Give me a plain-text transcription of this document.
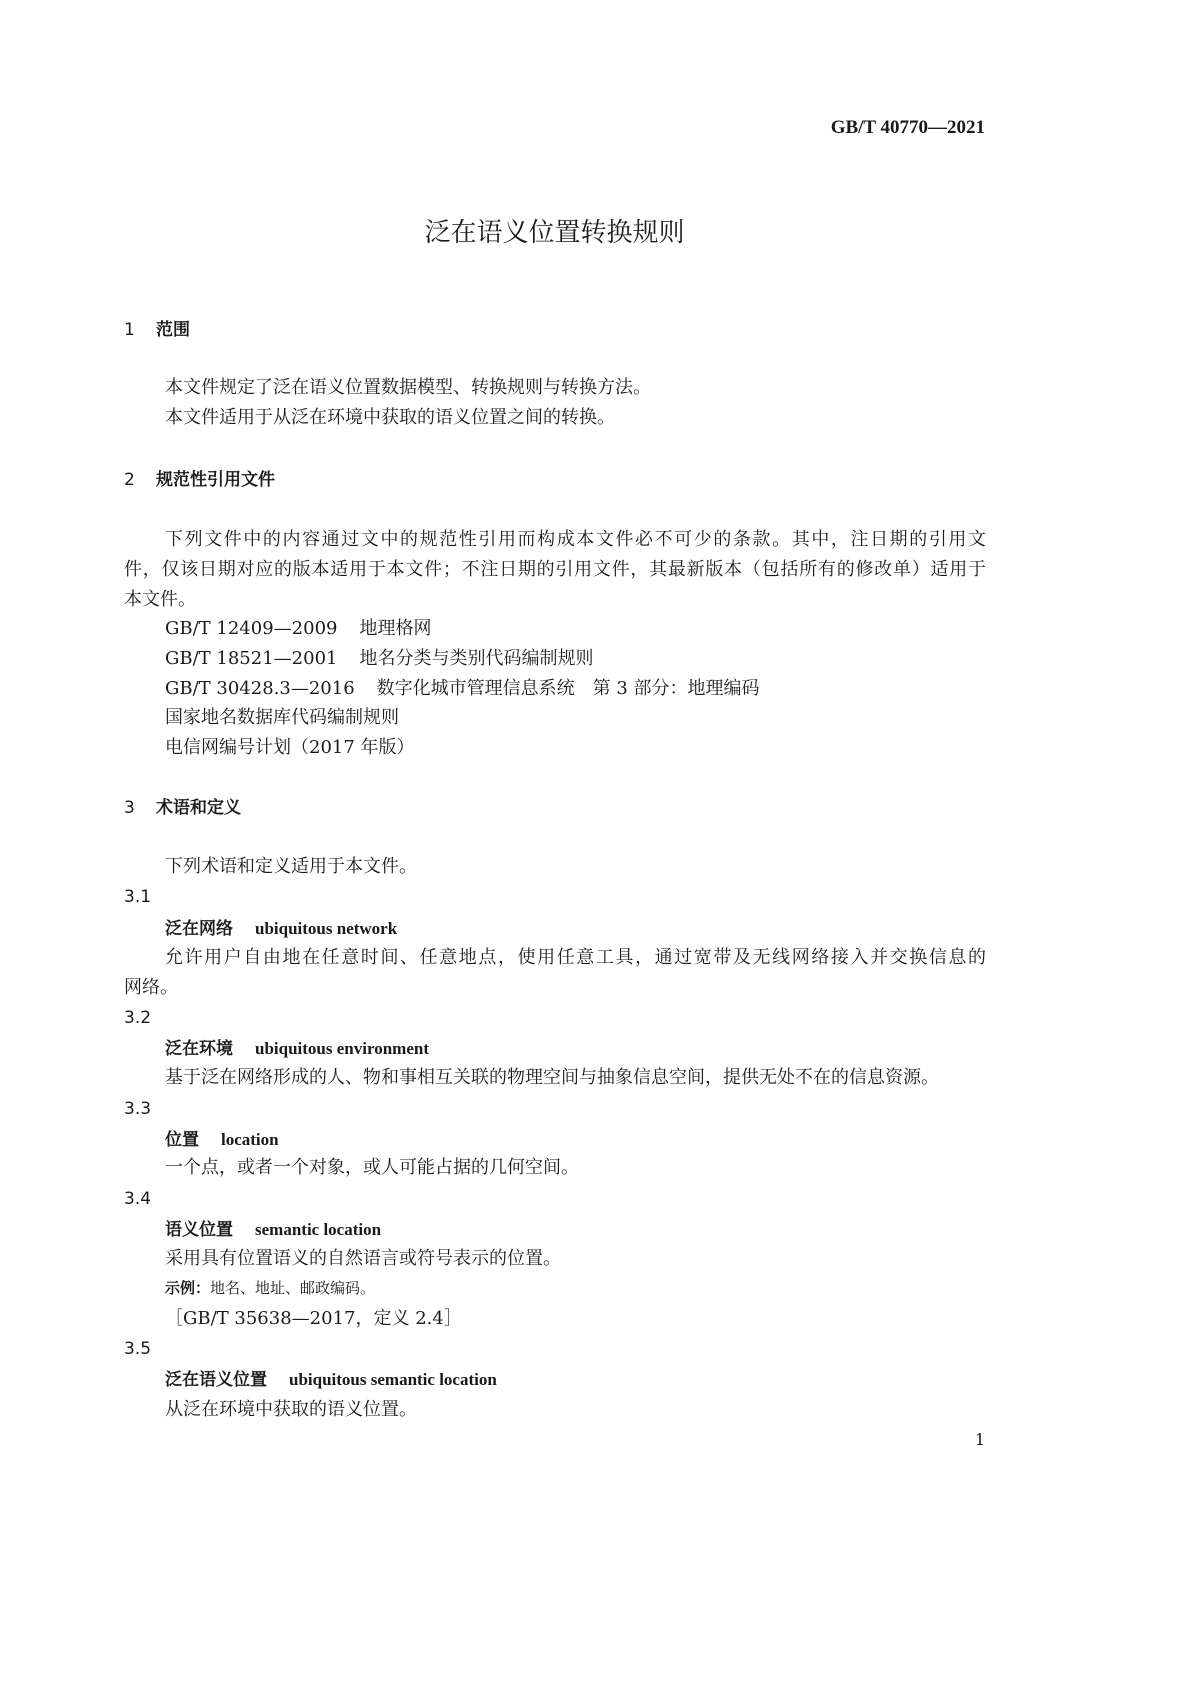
GB/T 40770—2021
泛在语义位置转换规则
1 范围
本文件规定了泛在语义位置数据模型、转换规则与转换方法。
本文件适用于从泛在环境中获取的语义位置之间的转换。
2 规范性引用文件
下列文件中的内容通过文中的规范性引用而构成本文件必不可少的条款。其中，注日期的引用文
件，仅该日期对应的版本适用于本文件；不注日期的引用文件，其最新版本（包括所有的修改单）适用于
本文件。
GB/T 12409—2009 地理格网
GB/T 18521—2001 地名分类与类别代码编制规则
GB/T 30428.3—2016 数字化城市管理信息系统　第 3 部分：地理编码
国家地名数据库代码编制规则
电信网编号计划（2017 年版）
3 术语和定义
下列术语和定义适用于本文件。
3.1
泛在网络 ubiquitous network
允许用户自由地在任意时间、任意地点，使用任意工具，通过宽带及无线网络接入并交换信息的
网络。
3.2
泛在环境 ubiquitous environment
基于泛在网络形成的人、物和事相互关联的物理空间与抽象信息空间，提供无处不在的信息资源。
3.3
位置 location
一个点，或者一个对象，或人可能占据的几何空间。
3.4
语义位置 semantic location
采用具有位置语义的自然语言或符号表示的位置。
示例：地名、地址、邮政编码。
［GB/T 35638—2017，定义 2.4］
3.5
泛在语义位置 ubiquitous semantic location
从泛在环境中获取的语义位置。
1
